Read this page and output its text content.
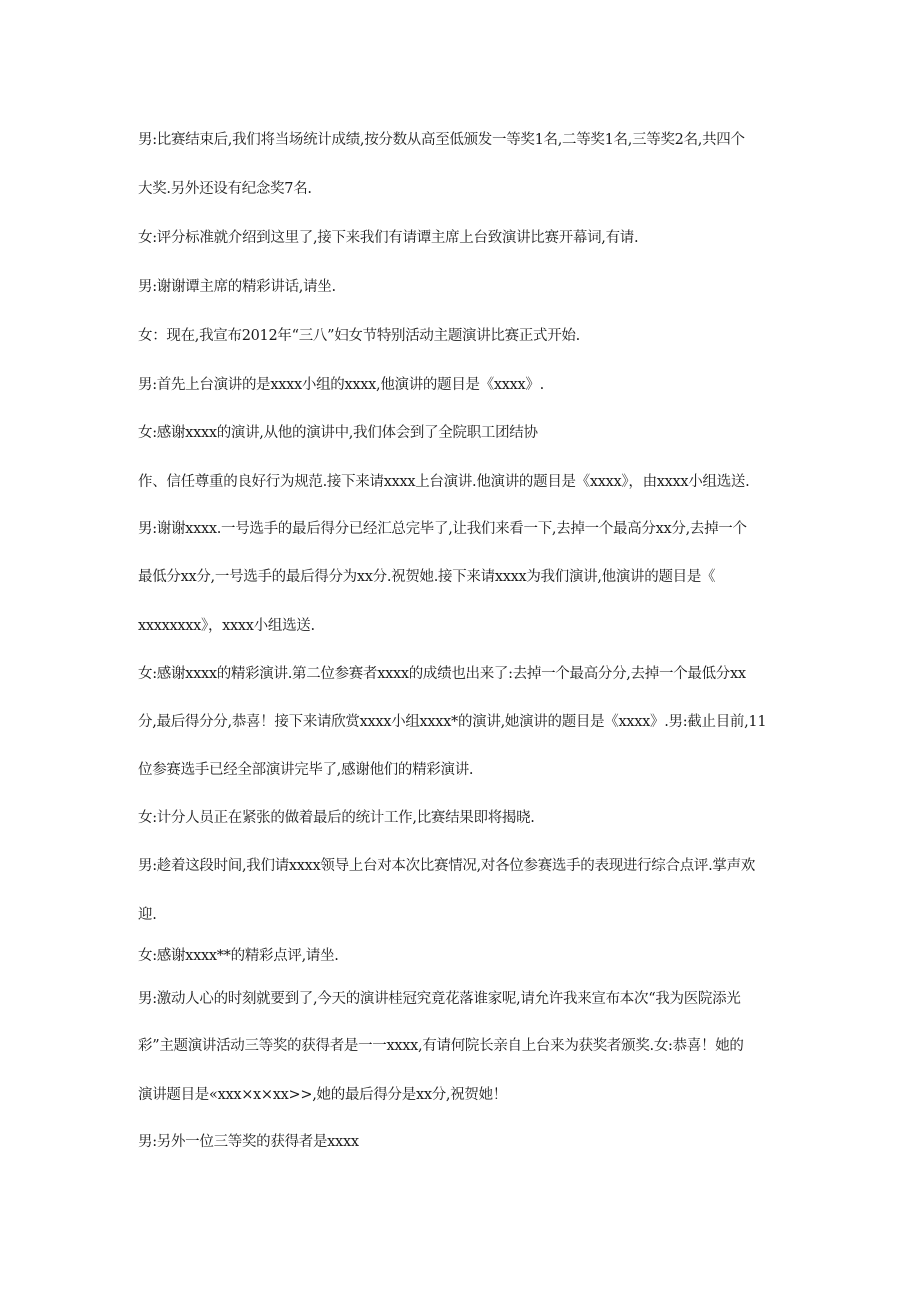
男:比赛结束后,我们将当场统计成绩,按分数从高至低颁发一等奖1名,二等奖1名,三等奖2名,共四个

大奖.另外还设有纪念奖7名.

女:评分标准就介绍到这里了,接下来我们有请谭主席上台致演讲比赛开幕词,有请.

男:谢谢谭主席的精彩讲话,请坐.

女：现在,我宣布2012年“三八”妇女节特别活动主题演讲比赛正式开始.

男:首先上台演讲的是xxxx小组的xxxx,他演讲的题目是《xxxx》.

女:感谢xxxx的演讲,从他的演讲中,我们体会到了全院职工团结协

作、信任尊重的良好行为规范.接下来请xxxx上台演讲.他演讲的题目是《xxxx》，由xxxx小组选送.

男:谢谢xxxx.一号选手的最后得分已经汇总完毕了,让我们来看一下,去掉一个最高分xx分,去掉一个

最低分xx分,一号选手的最后得分为xx分.祝贺她.接下来请xxxx为我们演讲,他演讲的题目是《

xxxxxxxx》，xxxx小组选送.

女:感谢xxxx的精彩演讲.第二位参赛者xxxx的成绩也出来了:去掉一个最高分分,去掉一个最低分xx

分,最后得分分,恭喜！接下来请欣赏xxxx小组xxxx*的演讲,她演讲的题目是《xxxx》.男:截止目前,11

位参赛选手已经全部演讲完毕了,感谢他们的精彩演讲.

女:计分人员正在紧张的做着最后的统计工作,比赛结果即将揭晓.

男:趁着这段时间,我们请xxxx领导上台对本次比赛情况,对各位参赛选手的表现进行综合点评.掌声欢

迎.

女:感谢xxxx**的精彩点评,请坐.

男:激动人心的时刻就要到了,今天的演讲桂冠究竟花落谁家呢,请允许我来宣布本次“我为医院添光

彩”主题演讲活动三等奖的获得者是一一xxxx,有请何院长亲自上台来为获奖者颁奖.女:恭喜！她的

演讲题目是«xxx×x×xx>>,她的最后得分是xx分,祝贺她！

男:另外一位三等奖的获得者是xxxx
